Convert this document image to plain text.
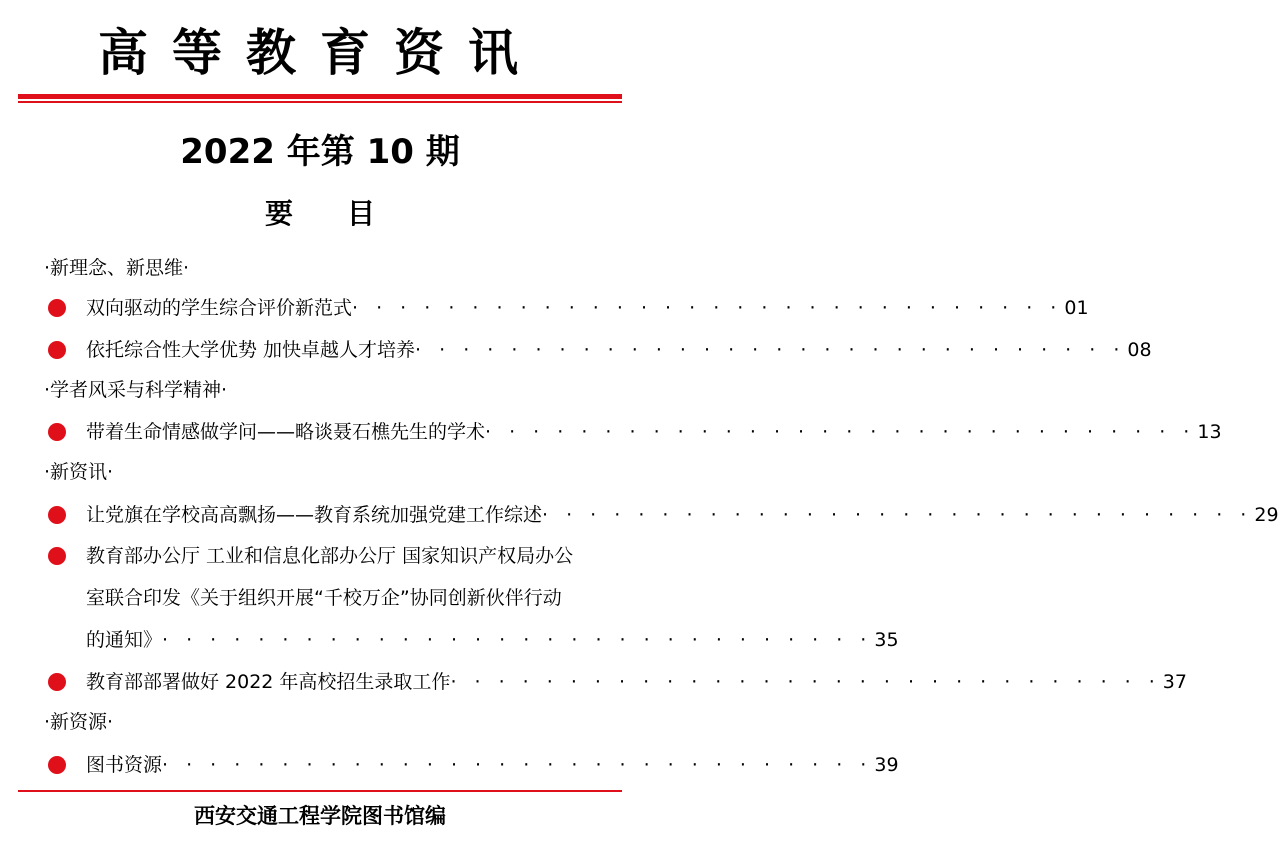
高等教育资讯
2022 年第 10 期
要 目
·新理念、新思维·
双向驱动的学生综合评价新范式 · · · · · · · · · · · · · · · · · · · · · · · · · · · · · · 01
依托综合性大学优势 加快卓越人才培养 · · · · · · · · · · · · · · · · · · · · · · · · · · · · · · 08
·学者风采与科学精神·
带着生命情感做学问——略谈聂石樵先生的学术 · · · · · · · · · · · · · · · · · · · · · · · · · · · · · · 13
·新资讯·
让党旗在学校高高飘扬——教育系统加强党建工作综述 · · · · · · · · · · · · · · · · · · · · · · · · · · · · · · 29
教育部办公厅 工业和信息化部办公厅 国家知识产权局办公
室联合印发《关于组织开展“千校万企”协同创新伙伴行动
的通知》 · · · · · · · · · · · · · · · · · · · · · · · · · · · · · · 35
教育部部署做好 2022 年高校招生录取工作 · · · · · · · · · · · · · · · · · · · · · · · · · · · · · · 37
·新资源·
图书资源 · · · · · · · · · · · · · · · · · · · · · · · · · · · · · · 39
西安交通工程学院图书馆编
